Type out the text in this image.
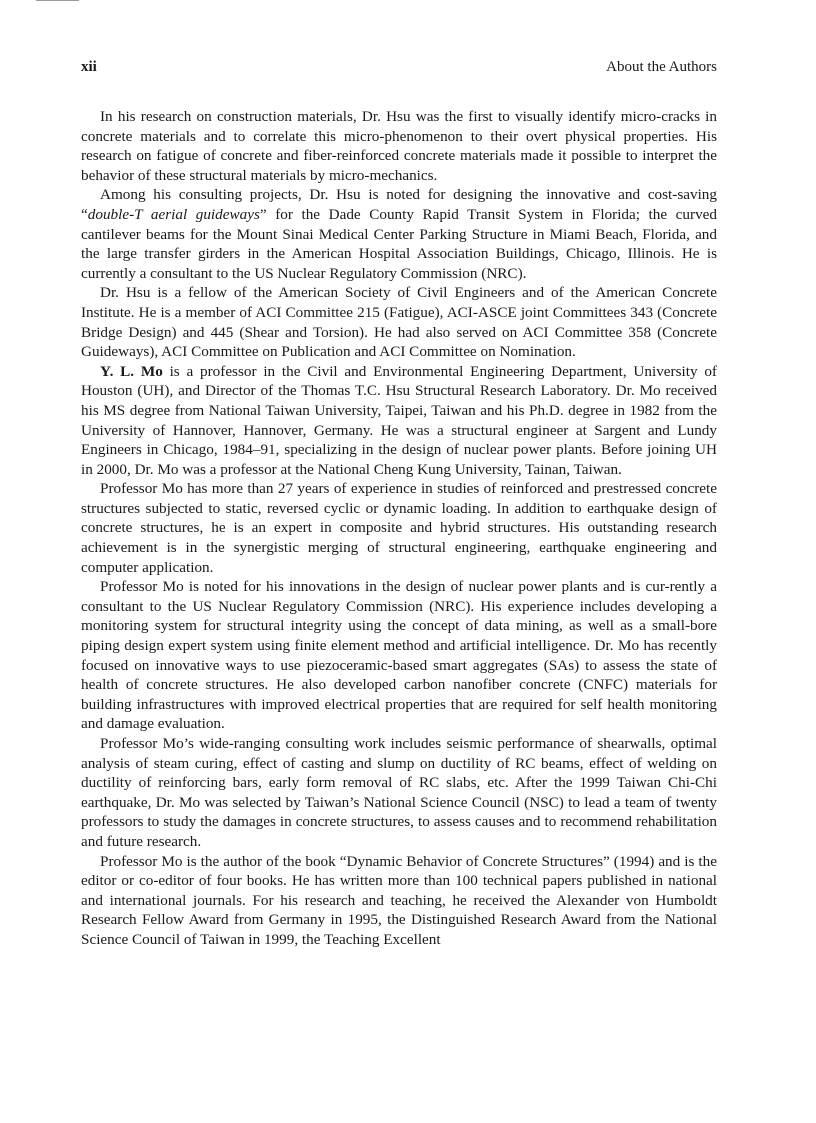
xii	About the Authors

In his research on construction materials, Dr. Hsu was the first to visually identify micro-cracks in concrete materials and to correlate this micro-phenomenon to their overt physical properties. His research on fatigue of concrete and fiber-reinforced concrete materials made it possible to interpret the behavior of these structural materials by micro-mechanics.

Among his consulting projects, Dr. Hsu is noted for designing the innovative and cost-saving “double-T aerial guideways” for the Dade County Rapid Transit System in Florida; the curved cantilever beams for the Mount Sinai Medical Center Parking Structure in Miami Beach, Florida, and the large transfer girders in the American Hospital Association Buildings, Chicago, Illinois. He is currently a consultant to the US Nuclear Regulatory Commission (NRC).

Dr. Hsu is a fellow of the American Society of Civil Engineers and of the American Concrete Institute. He is a member of ACI Committee 215 (Fatigue), ACI-ASCE joint Committees 343 (Concrete Bridge Design) and 445 (Shear and Torsion). He had also served on ACI Committee 358 (Concrete Guideways), ACI Committee on Publication and ACI Committee on Nomination.

Y. L. Mo is a professor in the Civil and Environmental Engineering Department, University of Houston (UH), and Director of the Thomas T.C. Hsu Structural Research Laboratory. Dr. Mo received his MS degree from National Taiwan University, Taipei, Taiwan and his Ph.D. degree in 1982 from the University of Hannover, Hannover, Germany. He was a structural engineer at Sargent and Lundy Engineers in Chicago, 1984–91, specializing in the design of nuclear power plants. Before joining UH in 2000, Dr. Mo was a professor at the National Cheng Kung University, Tainan, Taiwan.

Professor Mo has more than 27 years of experience in studies of reinforced and prestressed concrete structures subjected to static, reversed cyclic or dynamic loading. In addition to earthquake design of concrete structures, he is an expert in composite and hybrid structures. His outstanding research achievement is in the synergistic merging of structural engineering, earthquake engineering and computer application.

Professor Mo is noted for his innovations in the design of nuclear power plants and is cur-rently a consultant to the US Nuclear Regulatory Commission (NRC). His experience includes developing a monitoring system for structural integrity using the concept of data mining, as well as a small-bore piping design expert system using finite element method and artificial intelligence. Dr. Mo has recently focused on innovative ways to use piezoceramic-based smart aggregates (SAs) to assess the state of health of concrete structures. He also developed carbon nanofiber concrete (CNFC) materials for building infrastructures with improved electrical properties that are required for self health monitoring and damage evaluation.

Professor Mo’s wide-ranging consulting work includes seismic performance of shearwalls, optimal analysis of steam curing, effect of casting and slump on ductility of RC beams, effect of welding on ductility of reinforcing bars, early form removal of RC slabs, etc. After the 1999 Taiwan Chi-Chi earthquake, Dr. Mo was selected by Taiwan’s National Science Council (NSC) to lead a team of twenty professors to study the damages in concrete structures, to assess causes and to recommend rehabilitation and future research.

Professor Mo is the author of the book “Dynamic Behavior of Concrete Structures” (1994) and is the editor or co-editor of four books. He has written more than 100 technical papers published in national and international journals. For his research and teaching, he received the Alexander von Humboldt Research Fellow Award from Germany in 1995, the Distinguished Research Award from the National Science Council of Taiwan in 1999, the Teaching Excellent
